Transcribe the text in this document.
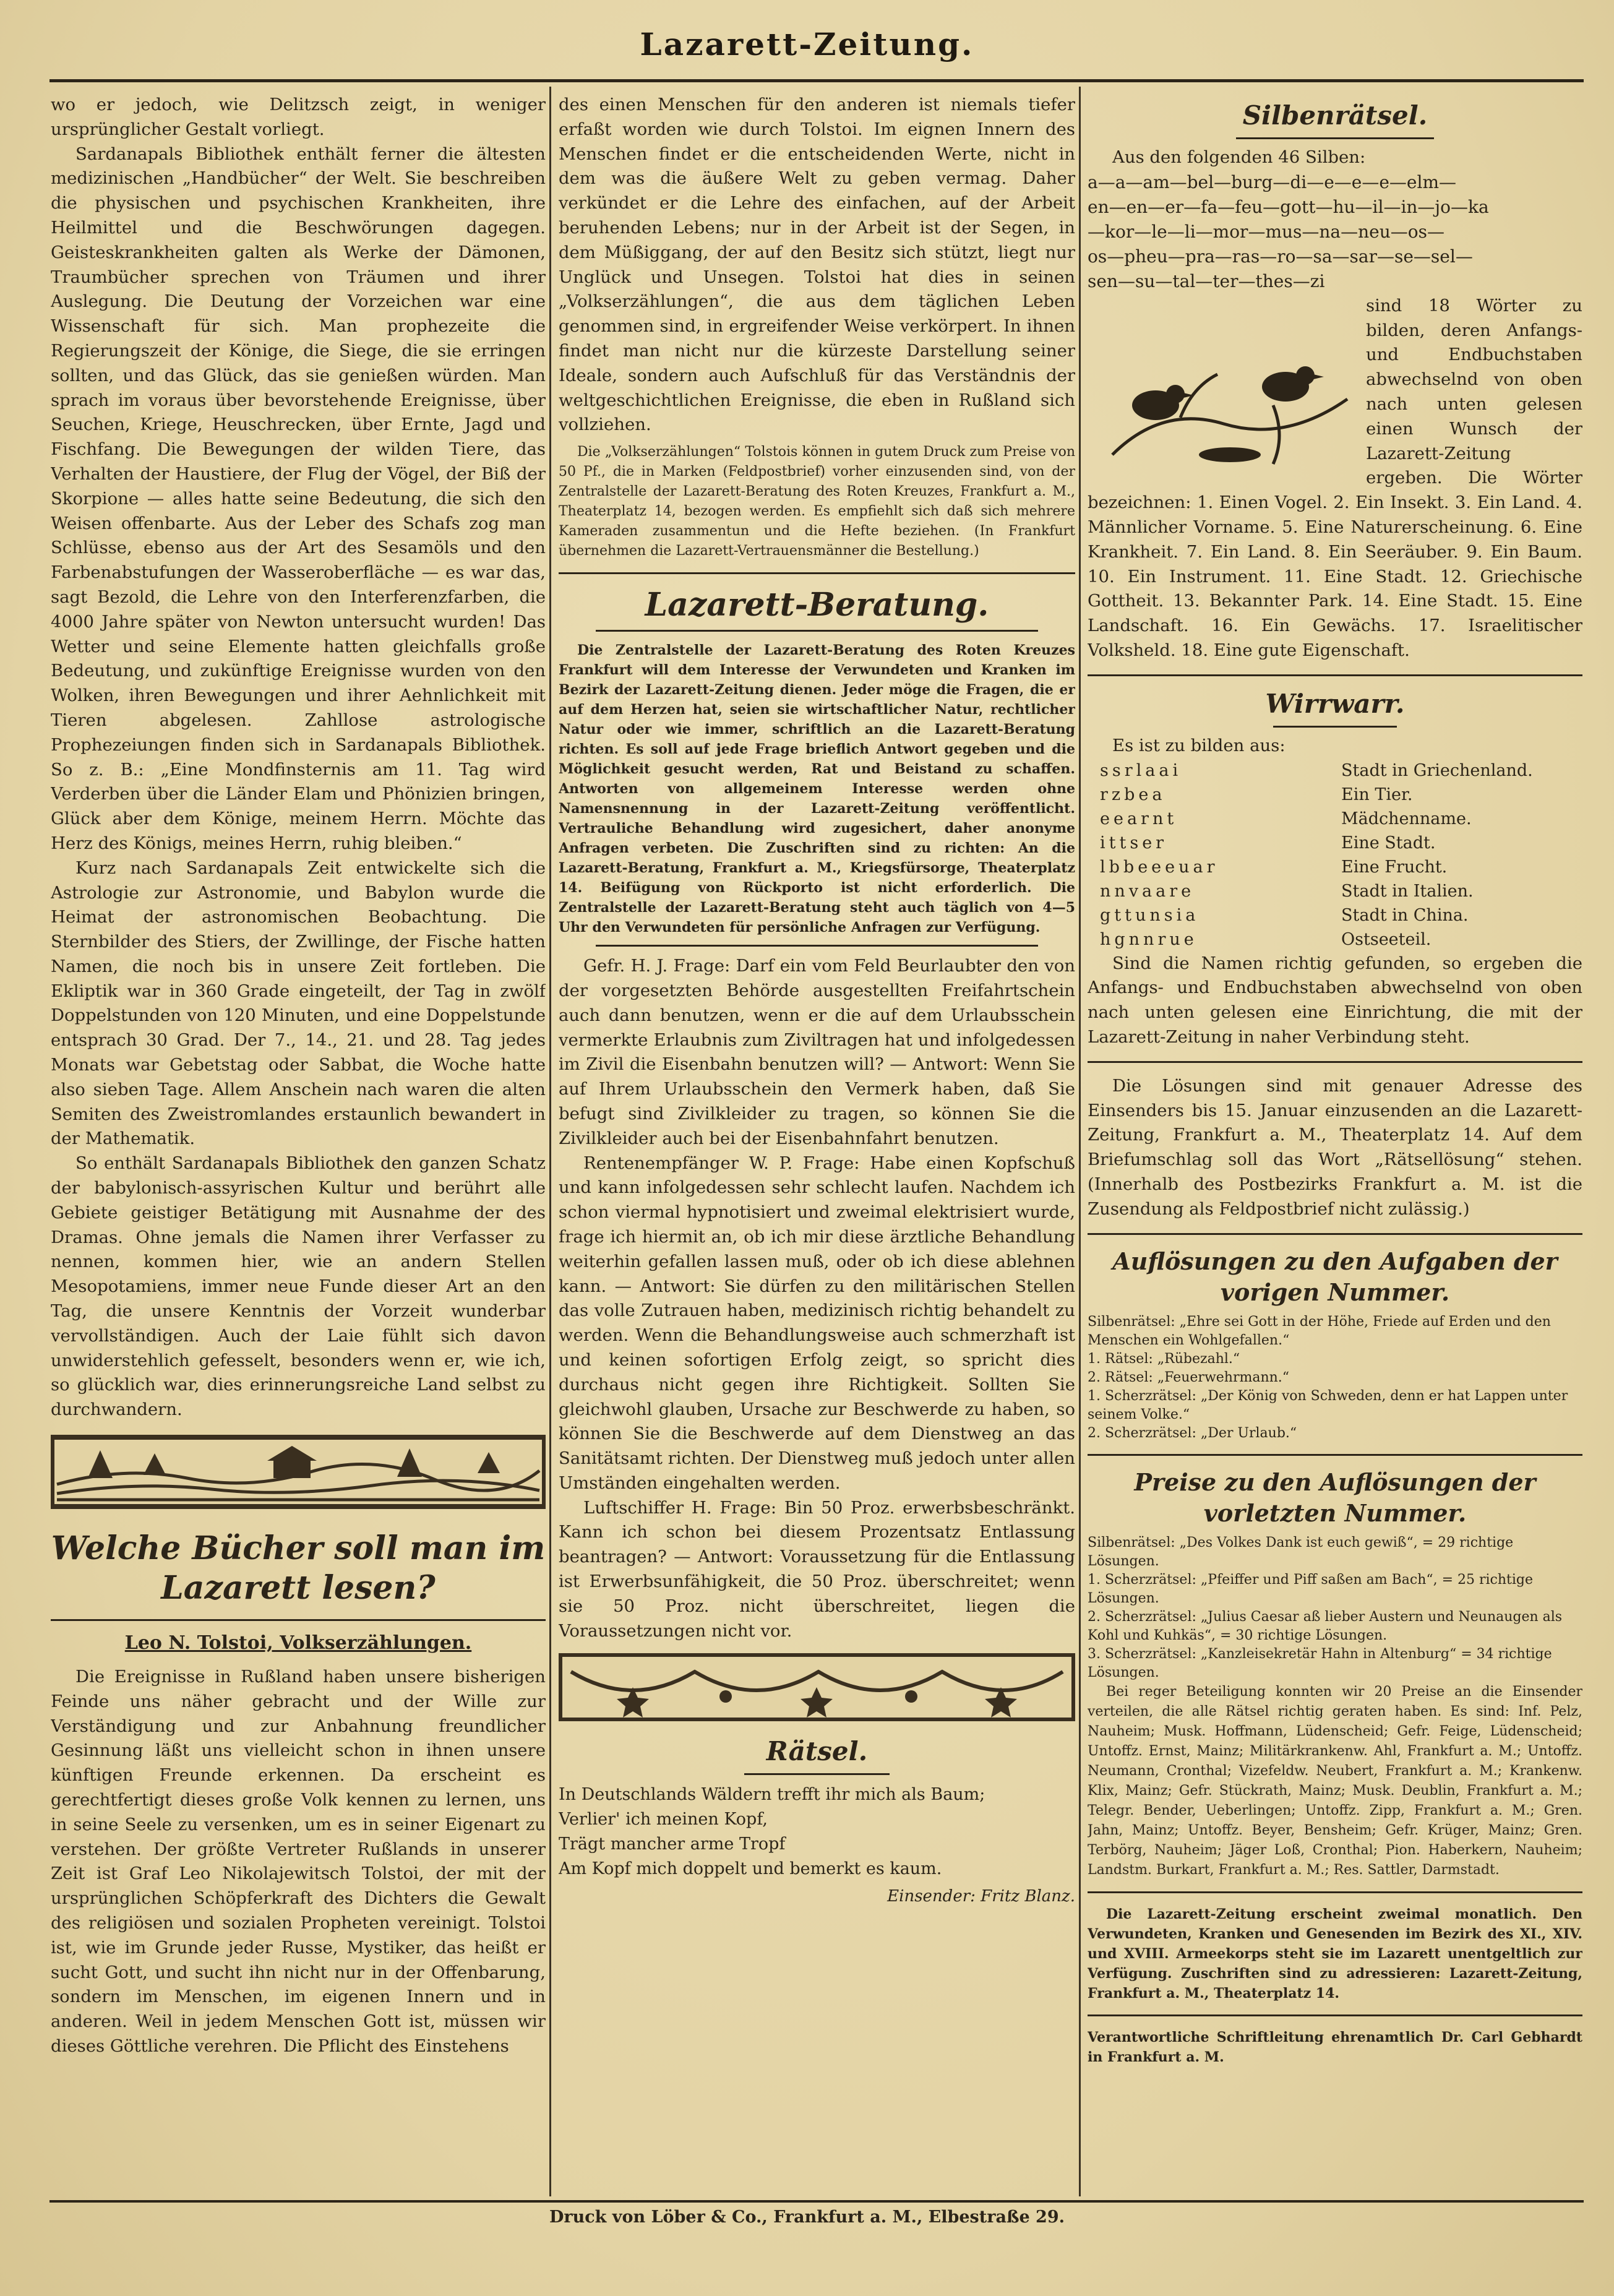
Lazarett-Zeitung.

wo er jedoch, wie Delitzsch zeigt, in weniger ursprünglicher Gestalt vorliegt.

Sardanapals Bibliothek enthält ferner die ältesten medizinischen „Handbücher“ der Welt. Sie beschreiben die physischen und psychischen Krankheiten, ihre Heilmittel und die Beschwörungen dagegen. Geisteskrankheiten galten als Werke der Dämonen, Traumbücher sprechen von Träumen und ihrer Auslegung. Die Deutung der Vorzeichen war eine Wissenschaft für sich. Man prophezeite die Regierungszeit der Könige, die Siege, die sie erringen sollten, und das Glück, das sie genießen würden. Man sprach im voraus über bevorstehende Ereignisse, über Seuchen, Kriege, Heuschrecken, über Ernte, Jagd und Fischfang. Die Bewegungen der wilden Tiere, das Verhalten der Haustiere, der Flug der Vögel, der Biß der Skorpione — alles hatte seine Bedeutung, die sich den Weisen offenbarte. Aus der Leber des Schafs zog man Schlüsse, ebenso aus der Art des Sesamöls und den Farbenabstufungen der Wasseroberfläche — es war das, sagt Bezold, die Lehre von den Interferenzfarben, die 4000 Jahre später von Newton untersucht wurden! Das Wetter und seine Elemente hatten gleichfalls große Bedeutung, und zukünftige Ereignisse wurden von den Wolken, ihren Bewegungen und ihrer Aehnlichkeit mit Tieren abgelesen. Zahllose astrologische Prophezeiungen finden sich in Sardanapals Bibliothek. So z. B.: „Eine Mondfinsternis am 11. Tag wird Verderben über die Länder Elam und Phönizien bringen, Glück aber dem Könige, meinem Herrn. Möchte das Herz des Königs, meines Herrn, ruhig bleiben.“

Kurz nach Sardanapals Zeit entwickelte sich die Astrologie zur Astronomie, und Babylon wurde die Heimat der astronomischen Beobachtung. Die Sternbilder des Stiers, der Zwillinge, der Fische hatten Namen, die noch bis in unsere Zeit fortleben. Die Ekliptik war in 360 Grade eingeteilt, der Tag in zwölf Doppelstunden von 120 Minuten, und eine Doppelstunde entsprach 30 Grad. Der 7., 14., 21. und 28. Tag jedes Monats war Gebetstag oder Sabbat, die Woche hatte also sieben Tage. Allem Anschein nach waren die alten Semiten des Zweistromlandes erstaunlich bewandert in der Mathematik.

So enthält Sardanapals Bibliothek den ganzen Schatz der babylonisch-assyrischen Kultur und berührt alle Gebiete geistiger Betätigung mit Ausnahme der des Dramas. Ohne jemals die Namen ihrer Verfasser zu nennen, kommen hier, wie an andern Stellen Mesopotamiens, immer neue Funde dieser Art an den Tag, die unsere Kenntnis der Vorzeit wunderbar vervollständigen. Auch der Laie fühlt sich davon unwiderstehlich gefesselt, besonders wenn er, wie ich, so glücklich war, dies erinnerungsreiche Land selbst zu durchwandern.

Welche Bücher soll man im Lazarett lesen?
Leo N. Tolstoi, Volkserzählungen.

Die Ereignisse in Rußland haben unsere bisherigen Feinde uns näher gebracht und der Wille zur Verständigung und zur Anbahnung freundlicher Gesinnung läßt uns vielleicht schon in ihnen unsere künftigen Freunde erkennen. Da erscheint es gerechtfertigt dieses große Volk kennen zu lernen, uns in seine Seele zu versenken, um es in seiner Eigenart zu verstehen. Der größte Vertreter Rußlands in unserer Zeit ist Graf Leo Nikolajewitsch Tolstoi, der mit der ursprünglichen Schöpferkraft des Dichters die Gewalt des religiösen und sozialen Propheten vereinigt. Tolstoi ist, wie im Grunde jeder Russe, Mystiker, das heißt er sucht Gott, und sucht ihn nicht nur in der Offenbarung, sondern im Menschen, im eigenen Innern und in anderen. Weil in jedem Menschen Gott ist, müssen wir dieses Göttliche verehren. Die Pflicht des Einstehens

des einen Menschen für den anderen ist niemals tiefer erfaßt worden wie durch Tolstoi. Im eignen Innern des Menschen findet er die entscheidenden Werte, nicht in dem was die äußere Welt zu geben vermag. Daher verkündet er die Lehre des einfachen, auf der Arbeit beruhenden Lebens; nur in der Arbeit ist der Segen, in dem Müßiggang, der auf den Besitz sich stützt, liegt nur Unglück und Unsegen. Tolstoi hat dies in seinen „Volkserzählungen“, die aus dem täglichen Leben genommen sind, in ergreifender Weise verkörpert. In ihnen findet man nicht nur die kürzeste Darstellung seiner Ideale, sondern auch Aufschluß für das Verständnis der weltgeschichtlichen Ereignisse, die eben in Rußland sich vollziehen.

Die „Volkserzählungen“ Tolstois können in gutem Druck zum Preise von 50 Pf., die in Marken (Feldpostbrief) vorher einzusenden sind, von der Zentralstelle der Lazarett-Beratung des Roten Kreuzes, Frankfurt a. M., Theaterplatz 14, bezogen werden. Es empfiehlt sich daß sich mehrere Kameraden zusammentun und die Hefte beziehen. (In Frankfurt übernehmen die Lazarett-Vertrauensmänner die Bestellung.)

Lazarett-Beratung.

Die Zentralstelle der Lazarett-Beratung des Roten Kreuzes Frankfurt will dem Interesse der Verwundeten und Kranken im Bezirk der Lazarett-Zeitung dienen. Jeder möge die Fragen, die er auf dem Herzen hat, seien sie wirtschaftlicher Natur, rechtlicher Natur oder wie immer, schriftlich an die Lazarett-Beratung richten. Es soll auf jede Frage brieflich Antwort gegeben und die Möglichkeit gesucht werden, Rat und Beistand zu schaffen. Antworten von allgemeinem Interesse werden ohne Namensnennung in der Lazarett-Zeitung veröffentlicht. Vertrauliche Behandlung wird zugesichert, daher anonyme Anfragen verbeten. Die Zuschriften sind zu richten: An die Lazarett-Beratung, Frankfurt a. M., Kriegsfürsorge, Theaterplatz 14. Beifügung von Rückporto ist nicht erforderlich. Die Zentralstelle der Lazarett-Beratung steht auch täglich von 4—5 Uhr den Verwundeten für persönliche Anfragen zur Verfügung.

Gefr. H. J. Frage: Darf ein vom Feld Beurlaubter den von der vorgesetzten Behörde ausgestellten Freifahrtschein auch dann benutzen, wenn er die auf dem Urlaubsschein vermerkte Erlaubnis zum Ziviltragen hat und infolgedessen im Zivil die Eisenbahn benutzen will? — Antwort: Wenn Sie auf Ihrem Urlaubsschein den Vermerk haben, daß Sie befugt sind Zivilkleider zu tragen, so können Sie die Zivilkleider auch bei der Eisenbahnfahrt benutzen.

Rentenempfänger W. P. Frage: Habe einen Kopfschuß und kann infolgedessen sehr schlecht laufen. Nachdem ich schon viermal hypnotisiert und zweimal elektrisiert wurde, frage ich hiermit an, ob ich mir diese ärztliche Behandlung weiterhin gefallen lassen muß, oder ob ich diese ablehnen kann. — Antwort: Sie dürfen zu den militärischen Stellen das volle Zutrauen haben, medizinisch richtig behandelt zu werden. Wenn die Behandlungsweise auch schmerzhaft ist und keinen sofortigen Erfolg zeigt, so spricht dies durchaus nicht gegen ihre Richtigkeit. Sollten Sie gleichwohl glauben, Ursache zur Beschwerde zu haben, so können Sie die Beschwerde auf dem Dienstweg an das Sanitätsamt richten. Der Dienstweg muß jedoch unter allen Umständen eingehalten werden.

Luftschiffer H. Frage: Bin 50 Proz. erwerbsbeschränkt. Kann ich schon bei diesem Prozentsatz Entlassung beantragen? — Antwort: Voraussetzung für die Entlassung ist Erwerbsunfähigkeit, die 50 Proz. überschreitet; wenn sie 50 Proz. nicht überschreitet, liegen die Voraussetzungen nicht vor.

Rätsel.
In Deutschlands Wäldern trefft ihr mich als Baum;
Verlier' ich meinen Kopf,
Trägt mancher arme Tropf
Am Kopf mich doppelt und bemerkt es kaum.
Einsender: Fritz Blanz.
Silbenrätsel.

Aus den folgenden 46 Silben:

a—a—am—bel—burg—di—e—e—e—elm—
en—en—er—fa—feu—gott—hu—il—in—jo—ka
—kor—le—li—mor—mus—na—neu—os—
os—pheu—pra—ras—ro—sa—sar—se—sel—
sen—su—tal—ter—thes—zi

sind 18 Wörter zu bilden, deren Anfangs- und Endbuchstaben abwechselnd von oben nach unten gelesen einen Wunsch der Lazarett-Zeitung ergeben. Die Wörter bezeichnen: 1. Einen Vogel. 2. Ein Insekt. 3. Ein Land. 4. Männlicher Vorname. 5. Eine Naturerscheinung. 6. Eine Krankheit. 7. Ein Land. 8. Ein Seeräuber. 9. Ein Baum. 10. Ein Instrument. 11. Eine Stadt. 12. Griechische Gottheit. 13. Bekannter Park. 14. Eine Stadt. 15. Eine Landschaft. 16. Ein Gewächs. 17. Israelitischer Volksheld. 18. Eine gute Eigenschaft.

Wirrwarr.

Es ist zu bilden aus:

ssrlaai	Stadt in Griechenland.
rzbea	Ein Tier.
eearnt	Mädchenname.
ittser	Eine Stadt.
lbbeeeuar	Eine Frucht.
nnvaare	Stadt in Italien.
gttunsia	Stadt in China.
hgnnrue	Ostseeteil.

Sind die Namen richtig gefunden, so ergeben die Anfangs- und Endbuchstaben abwechselnd von oben nach unten gelesen eine Einrichtung, die mit der Lazarett-Zeitung in naher Verbindung steht.

Die Lösungen sind mit genauer Adresse des Einsenders bis 15. Januar einzusenden an die Lazarett-Zeitung, Frankfurt a. M., Theaterplatz 14. Auf dem Briefumschlag soll das Wort „Rätsellösung“ stehen. (Innerhalb des Postbezirks Frankfurt a. M. ist die Zusendung als Feldpostbrief nicht zulässig.)

Auflösungen zu den Aufgaben der vorigen Nummer.
Silbenrätsel: „Ehre sei Gott in der Höhe, Friede auf Erden und den Menschen ein Wohlgefallen.“
1. Rätsel: „Rübezahl.“
2. Rätsel: „Feuerwehrmann.“
1. Scherzrätsel: „Der König von Schweden, denn er hat Lappen unter seinem Volke.“
2. Scherzrätsel: „Der Urlaub.“
Preise zu den Auflösungen der vorletzten Nummer.
Silbenrätsel: „Des Volkes Dank ist euch gewiß“, = 29 richtige Lösungen.
1. Scherzrätsel: „Pfeiffer und Piff saßen am Bach“, = 25 richtige Lösungen.
2. Scherzrätsel: „Julius Caesar aß lieber Austern und Neunaugen als Kohl und Kuhkäs“, = 30 richtige Lösungen.
3. Scherzrätsel: „Kanzleisekretär Hahn in Altenburg“ = 34 richtige Lösungen.

Bei reger Beteiligung konnten wir 20 Preise an die Einsender verteilen, die alle Rätsel richtig geraten haben. Es sind: Inf. Pelz, Nauheim; Musk. Hoffmann, Lüdenscheid; Gefr. Feige, Lüdenscheid; Untoffz. Ernst, Mainz; Militärkrankenw. Ahl, Frankfurt a. M.; Untoffz. Neumann, Cronthal; Vizefeldw. Neubert, Frankfurt a. M.; Krankenw. Klix, Mainz; Gefr. Stückrath, Mainz; Musk. Deublin, Frankfurt a. M.; Telegr. Bender, Ueberlingen; Untoffz. Zipp, Frankfurt a. M.; Gren. Jahn, Mainz; Untoffz. Beyer, Bensheim; Gefr. Krüger, Mainz; Gren. Terbörg, Nauheim; Jäger Loß, Cronthal; Pion. Haberkern, Nauheim; Landstm. Burkart, Frankfurt a. M.; Res. Sattler, Darmstadt.

Die Lazarett-Zeitung erscheint zweimal monatlich. Den Verwundeten, Kranken und Genesenden im Bezirk des XI., XIV. und XVIII. Armeekorps steht sie im Lazarett unentgeltlich zur Verfügung. Zuschriften sind zu adressieren: Lazarett-Zeitung, Frankfurt a. M., Theaterplatz 14.

Verantwortliche Schriftleitung ehrenamtlich Dr. Carl Gebhardt in Frankfurt a. M.

Druck von Löber & Co., Frankfurt a. M., Elbestraße 29.
